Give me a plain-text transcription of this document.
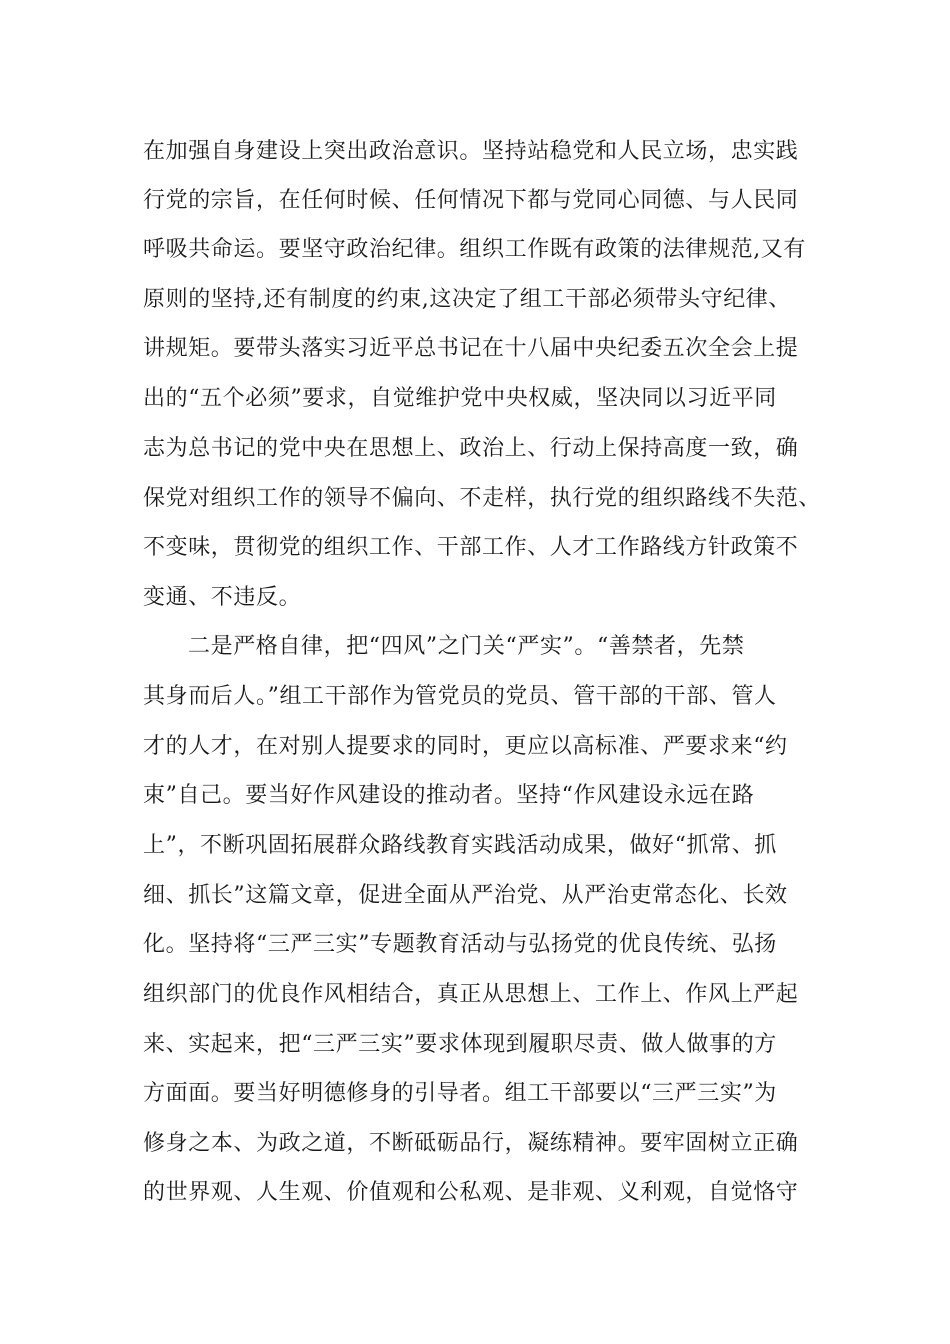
在加强自身建设上突出政治意识。坚持站稳党和人民立场，忠实践
行党的宗旨，在任何时候、任何情况下都与党同心同德、与人民同
呼吸共命运。要坚守政治纪律。组织工作既有政策的法律规范,又有
原则的坚持,还有制度的约束,这决定了组工干部必须带头守纪律、
讲规矩。要带头落实习近平总书记在十八届中央纪委五次全会上提
出的“五个必须”要求，自觉维护党中央权威，坚决同以习近平同
志为总书记的党中央在思想上、政治上、行动上保持高度一致，确
保党对组织工作的领导不偏向、不走样，执行党的组织路线不失范、
不变味，贯彻党的组织工作、干部工作、人才工作路线方针政策不
变通、不违反。
二是严格自律，把“四风”之门关“严实”。“善禁者，先禁
其身而后人。”组工干部作为管党员的党员、管干部的干部、管人
才的人才，在对别人提要求的同时，更应以高标准、严要求来“约
束”自己。要当好作风建设的推动者。坚持“作风建设永远在路
上”，不断巩固拓展群众路线教育实践活动成果，做好“抓常、抓
细、抓长”这篇文章，促进全面从严治党、从严治吏常态化、长效
化。坚持将“三严三实”专题教育活动与弘扬党的优良传统、弘扬
组织部门的优良作风相结合，真正从思想上、工作上、作风上严起
来、实起来，把“三严三实”要求体现到履职尽责、做人做事的方
方面面。要当好明德修身的引导者。组工干部要以“三严三实”为
修身之本、为政之道，不断砥砺品行，凝练精神。要牢固树立正确
的世界观、人生观、价值观和公私观、是非观、义利观，自觉恪守
